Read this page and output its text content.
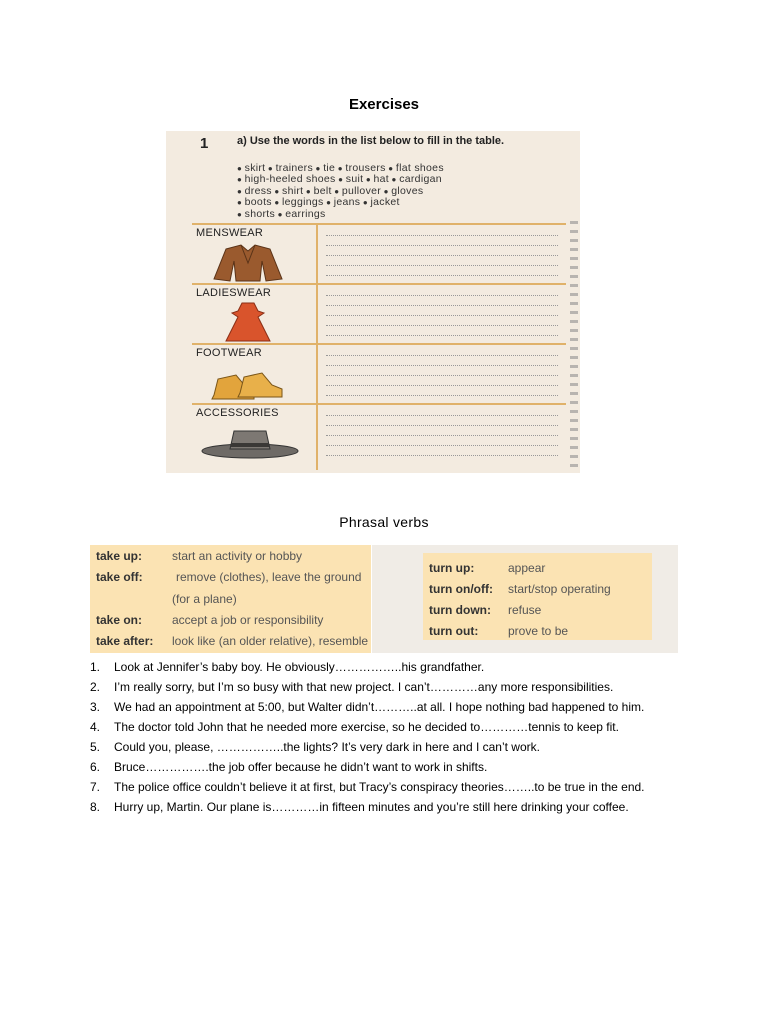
Exercises
1	a) Use the words in the list below to fill in the table.
● skirt ● trainers ● tie ● trousers ● flat shoes
● high-heeled shoes ● suit ● hat ● cardigan
● dress ● shirt ● belt ● pullover ● gloves
● boots ● leggings ● jeans ● jacket
● shorts ● earrings
MENSWEAR
LADIESWEAR
FOOTWEAR
ACCESSORIES
Phrasal verbs
take up: start an activity or hobby
take off:	remove (clothes), leave the ground
(for a plane)
take on: accept a job or responsibility
take after: look like (an older relative), resemble
turn up:	appear
turn on/off: start/stop operating
turn down: refuse
turn out: prove to be
1. Look at Jennifer’s baby boy. He obviously……………..his grandfather.
2. I’m really sorry, but I’m so busy with that new project. I can’t…………any more responsibilities.
3. We had an appointment at 5:00, but Walter didn’t………..at all. I hope nothing bad happened to him.
4. The doctor told John that he needed more exercise, so he decided to…………tennis to keep fit.
5. Could you, please, ……………..the lights? It’s very dark in here and I can’t work.
6. Bruce…………….the job offer because he didn’t want to work in shifts.
7. The police office couldn’t believe it at first, but Tracy’s conspiracy theories……..to be true in the end.
8. Hurry up, Martin. Our plane is…………in fifteen minutes and you’re still here drinking your coffee.
